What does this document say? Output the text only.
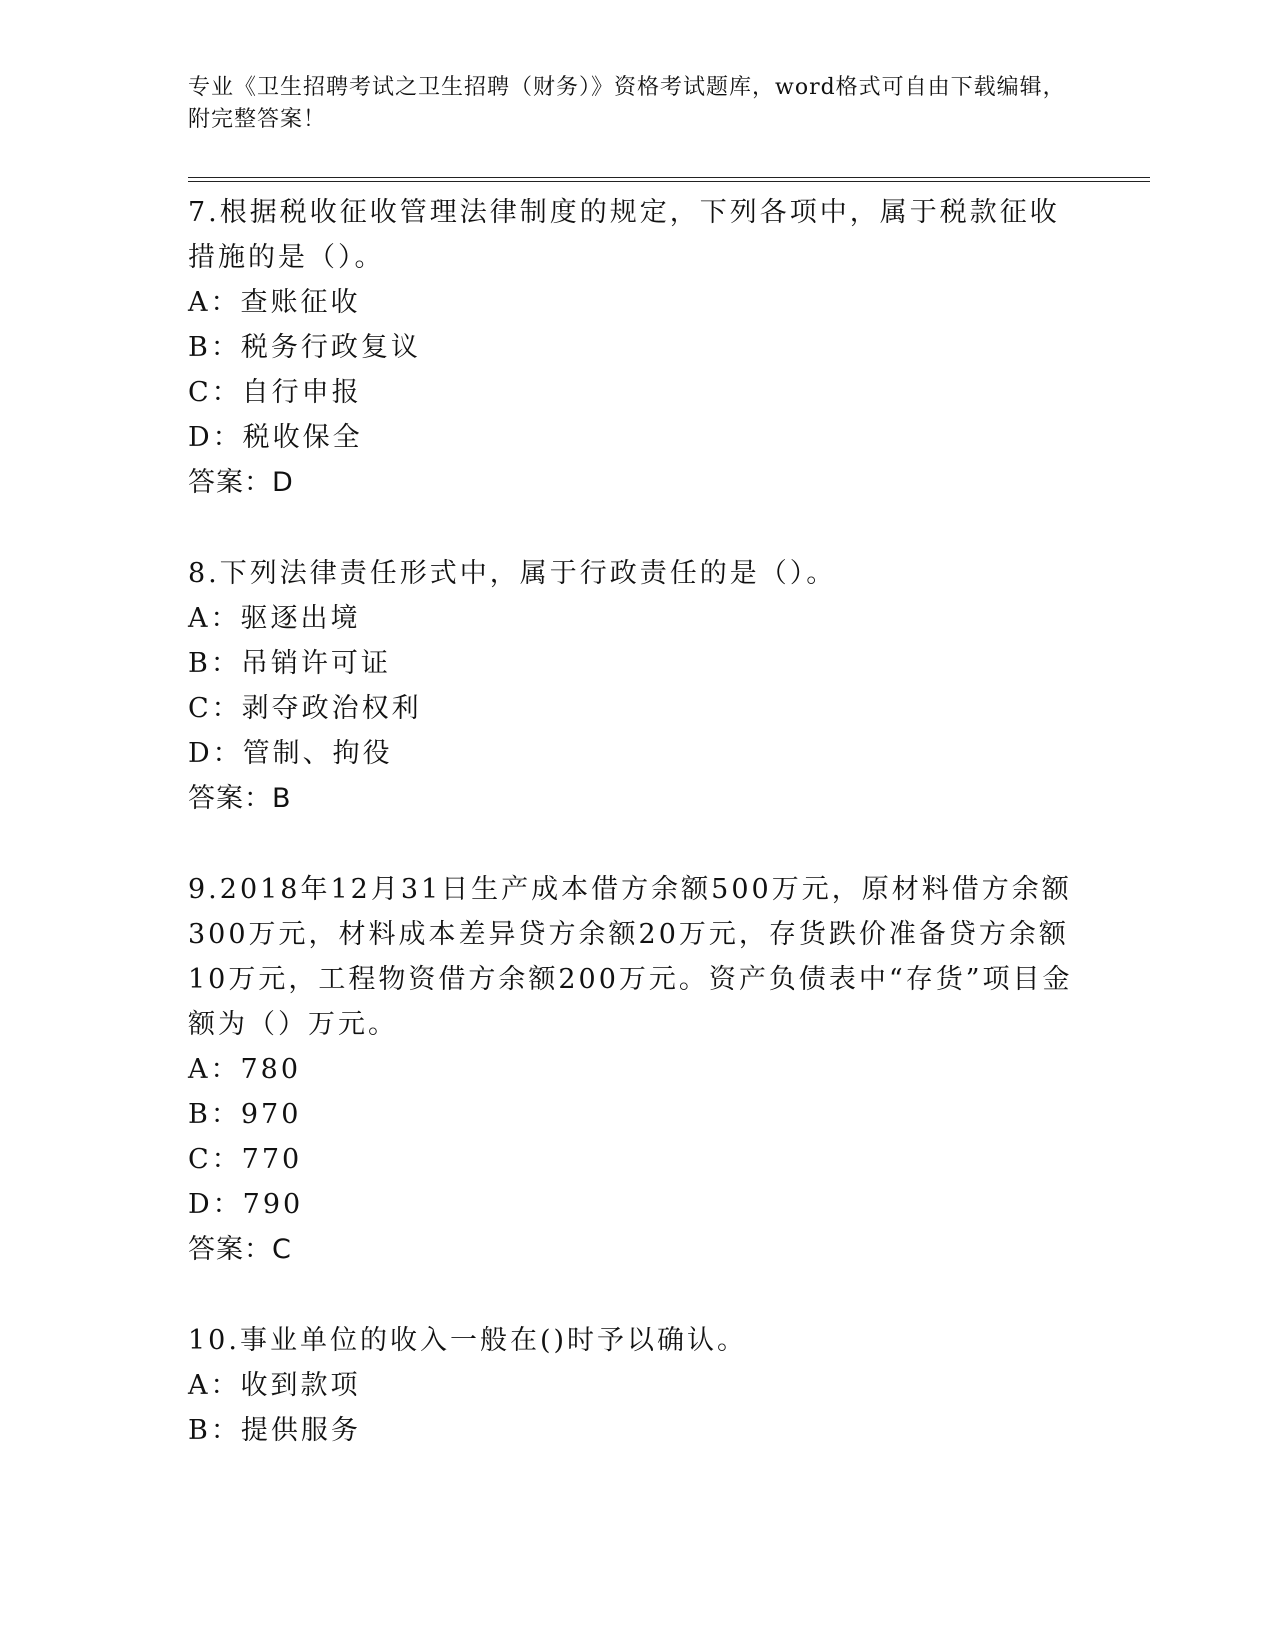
专业《卫生招聘考试之卫生招聘（财务）》资格考试题库，word格式可自由下载编辑，附完整答案！
7.根据税收征收管理法律制度的规定，下列各项中，属于税款征收措施的是（）。
A：查账征收
B：税务行政复议
C：自行申报
D：税收保全
答案：D
8.下列法律责任形式中，属于行政责任的是（）。
A：驱逐出境
B：吊销许可证
C：剥夺政治权利
D：管制、拘役
答案：B
9.2018年12月31日生产成本借方余额500万元，原材料借方余额300万元，材料成本差异贷方余额20万元，存货跌价准备贷方余额10万元，工程物资借方余额200万元。资产负债表中“存货”项目金额为（）万元。
A：780
B：970
C：770
D：790
答案：C
10.事业单位的收入一般在()时予以确认。
A：收到款项
B：提供服务
